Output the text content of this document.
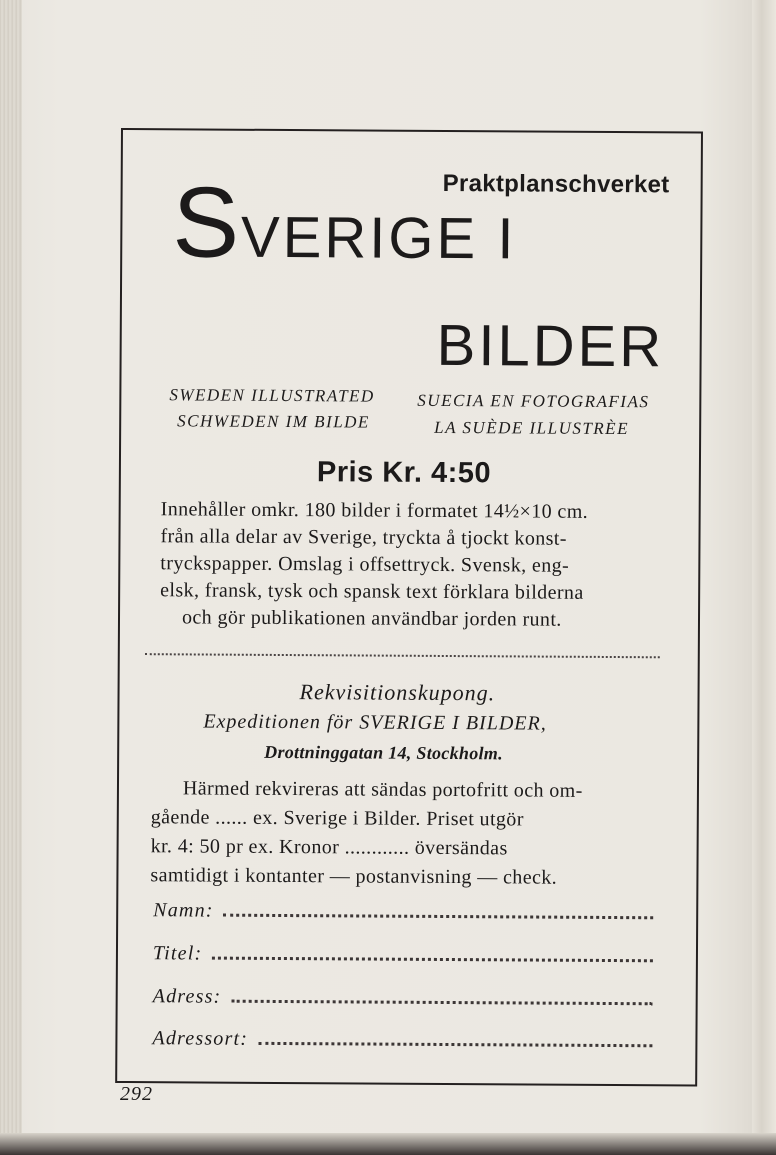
Praktplanschverket
SVERIGE I
BILDER
SWEDEN ILLUSTRATED
SCHWEDEN IM BILDE
SUECIA EN FOTOGRAFIAS
LA SUÈDE ILLUSTRÈE
Pris Kr. 4:50
Innehåller omkr. 180 bilder i formatet 14½×10 cm.
från alla delar av Sverige, tryckta å tjockt konst-
tryckspapper. Omslag i offsettryck. Svensk, eng-
elsk, fransk, tysk och spansk text förklara bilderna
och gör publikationen användbar jorden runt.
Rekvisitionskupong.
Expeditionen för SVERIGE I BILDER,
Drottninggatan 14, Stockholm.
Härmed rekvireras att sändas portofritt och om-
gående ...... ex. Sverige i Bilder. Priset utgör
kr. 4: 50 pr ex. Kronor ............ översändas
samtidigt i kontanter — postanvisning — check.
Namn:
Titel:
Adress:
Adressort:
292
